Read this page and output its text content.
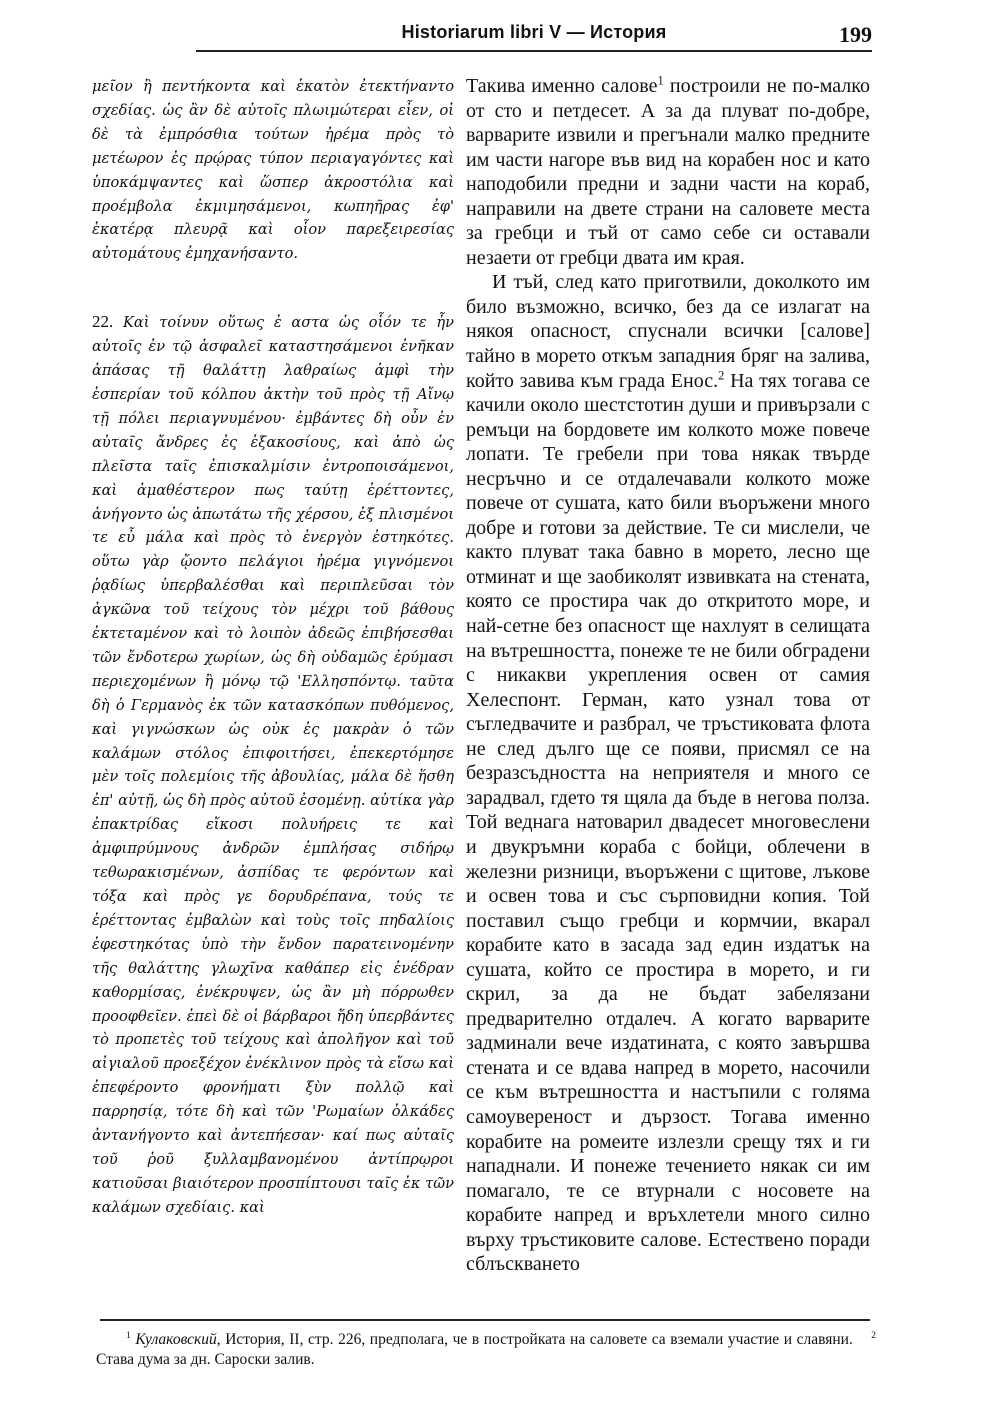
Historiarum libri V — История	199

μεῖον ἢ πεντήκοντα καὶ ἑκατὸν ἐτεκτήναντο σχεδίας. ὡς ἂν δὲ αὐτοῖς πλωιμώτεραι εἶεν, οἱ δὲ τὰ ἐμπρόσθια τούτων ἠρέμα πρὸς τὸ μετέωρον ἐς πρῴρας τύπον περιαγαγόντες καὶ ὑποκάμψαντες καὶ ὥσπερ ἀκροστόλια καὶ προέμβολα ἐκμιμησάμενοι, κωπηῆρας ἐφ' ἑκατέρᾳ πλευρᾷ καὶ οἷον παρεξειρεσίας αὐτομάτους ἐμηχανήσαντο.

22. Καὶ τοίνυν οὕτως ἐ αστα ὡς οἷόν τε ἦν αὐτοῖς ἐν τῷ ἀσφαλεῖ καταστησάμενοι ἐνῆκαν ἁπάσας τῇ θαλάττῃ λαθραίως ἀμφὶ τὴν ἑσπερίαν τοῦ κόλπου ἀκτὴν τοῦ πρὸς τῇ Αἴνῳ τῇ πόλει περιαγνυμένου· ἐμβάντες δὴ οὖν ἐν αὐταῖς ἄνδρες ἐς ἑξακοσίους, καὶ ἀπὸ ὡς πλεῖστα ταῖς ἐπισκαλμίσιν ἐντροποισάμενοι, καὶ ἀμαθέστερον πως ταύτῃ ἐρέττοντες, ἀνήγοντο ὡς ἀπωτάτω τῆς χέρσου, ἐξ πλισμένοι τε εὖ μάλα καὶ πρὸς τὸ ἐνεργὸν ἐστηκότες. οὕτω γὰρ ᾤοντο πελάγιοι ἠρέμα γιγνόμενοι ῥᾳδίως ὑπερβαλέσθαι καὶ περιπλεῦσαι τὸν ἀγκῶνα τοῦ τείχους τὸν μέχρι τοῦ βάθους ἐκτεταμένον καὶ τὸ λοιπὸν ἀδεῶς ἐπιβήσεσθαι τῶν ἔνδοτερω χωρίων, ὡς δὴ οὐδαμῶς ἐρύμασι περιεχομένων ἢ μόνῳ τῷ 'Ελλησπόντῳ. ταῦτα δὴ ὁ Γερμανὸς ἐκ τῶν κατασκόπων πυθόμενος, καὶ γιγνώσκων ὡς οὐκ ἐς μακρὰν ὁ τῶν καλάμων στόλος ἐπιφοιτήσει, ἐπεκερτόμησε μὲν τοῖς πολεμίοις τῆς ἀβουλίας, μάλα δὲ ἥσθη ἐπ' αὐτῇ, ὡς δὴ πρὸς αὐτοῦ ἐσομένῃ. αὐτίκα γὰρ ἐπακτρίδας εἴκοσι πολυήρεις τε καὶ ἀμφιπρύμνους ἀνδρῶν ἐμπλήσας σιδήρῳ τεθωρακισμένων, ἀσπίδας τε φερόντων καὶ τόξα καὶ πρὸς γε δορυδρέπανα, τούς τε ἐρέττοντας ἐμβαλὼν καὶ τοὺς τοῖς πηδαλίοις ἐφεστηκότας ὑπὸ τὴν ἔνδον παρατεινομένην τῆς θαλάττης γλωχῖνα καθάπερ εἰς ἐνέδραν καθορμίσας, ἐνέκρυψεν, ὡς ἂν μὴ πόρρωθεν προοφθεῖεν. ἐπεὶ δὲ οἱ βάρβαροι ἤδη ὑπερβάντες τὸ προπετὲς τοῦ τείχους καὶ ἀπολῆγον καὶ τοῦ αἰγιαλοῦ προεξέχον ἐνέκλινον πρὸς τὰ εἴσω καὶ ἐπεφέροντο φρονήματι ξὺν πολλῷ καὶ παρρησίᾳ, τότε δὴ καὶ τῶν 'Ρωμαίων ὁλκάδες ἀντανήγοντο καὶ ἀντεπήεσαν· καί πως αὐταῖς τοῦ ῥοῦ ξυλλαμβανομένου ἀντίπρῳροι κατιοῦσαι βιαιότερον προσπίπτουσι ταῖς ἐκ τῶν καλάμων σχεδίαις. καὶ

Такива именно салове$^1$ построили не по-малко от сто и петдесет. А за да плуват по-добре, варварите извили и прегънали малко предните им части нагоре във вид на корабен нос и като наподобили предни и задни части на кораб, направили на двете страни на саловете места за гребци и тъй от само себе си оставали незаети от гребци двата им края.

И тъй, след като приготвили, доколкото им било възможно, всичко, без да се излагат на някоя опасност, спуснали всички [салове] тайно в морето откъм западния бряг на залива, който завива към града Енос.$^2$ На тях тогава се качили около шестстотин души и привързали с ремъци на бордовете им колкото може повече лопати. Те гребели при това някак твърде несръчно и се отдалечавали колкото може повече от сушата, като били въоръжени много добре и готови за действие. Те си мислели, че както плуват така бавно в морето, лесно ще отминат и ще заобиколят извивката на стената, която се простира чак до откритото море, и най-сетне без опасност ще нахлуят в селищата на вътрешността, понеже те не били обградени с никакви укрепления освен от самия Хелеспонт. Герман, като узнал това от съгледвачите и разбрал, че тръстиковата флота не след дълго ще се появи, присмял се на безразсъдността на неприятеля и много се зарадвал, гдето тя щяла да бъде в негова полза. Той веднага натоварил двадесет многовеслени и двукръмни кораба с бойци, облечени в железни ризници, въоръжени с щитове, лъкове и освен това и със сърповидни копия. Той поставил също гребци и кормчии, вкарал корабите като в засада зад един издатък на сушата, който се простира в морето, и ги скрил, за да не бъдат забелязани предварително отдалеч. А когато варварите задминали вече издатината, с която завършва стената и се вдава напред в морето, насочили се към вътрешността и настъпили с голяма самоувереност и дързост. Тогава именно корабите на ромеите излезли срещу тях и ги нападнали. И понеже течението някак си им помагало, те се втурнали с носовете на корабите напред и връхлетели много силно върху тръстиковите салове. Естествено поради сблъскването

$^1$ Кулаковский, История, II, стр. 226, предполага, че в постройката на саловете са вземали участие и славяни. $^2$ Става дума за дн. Сароски залив.
